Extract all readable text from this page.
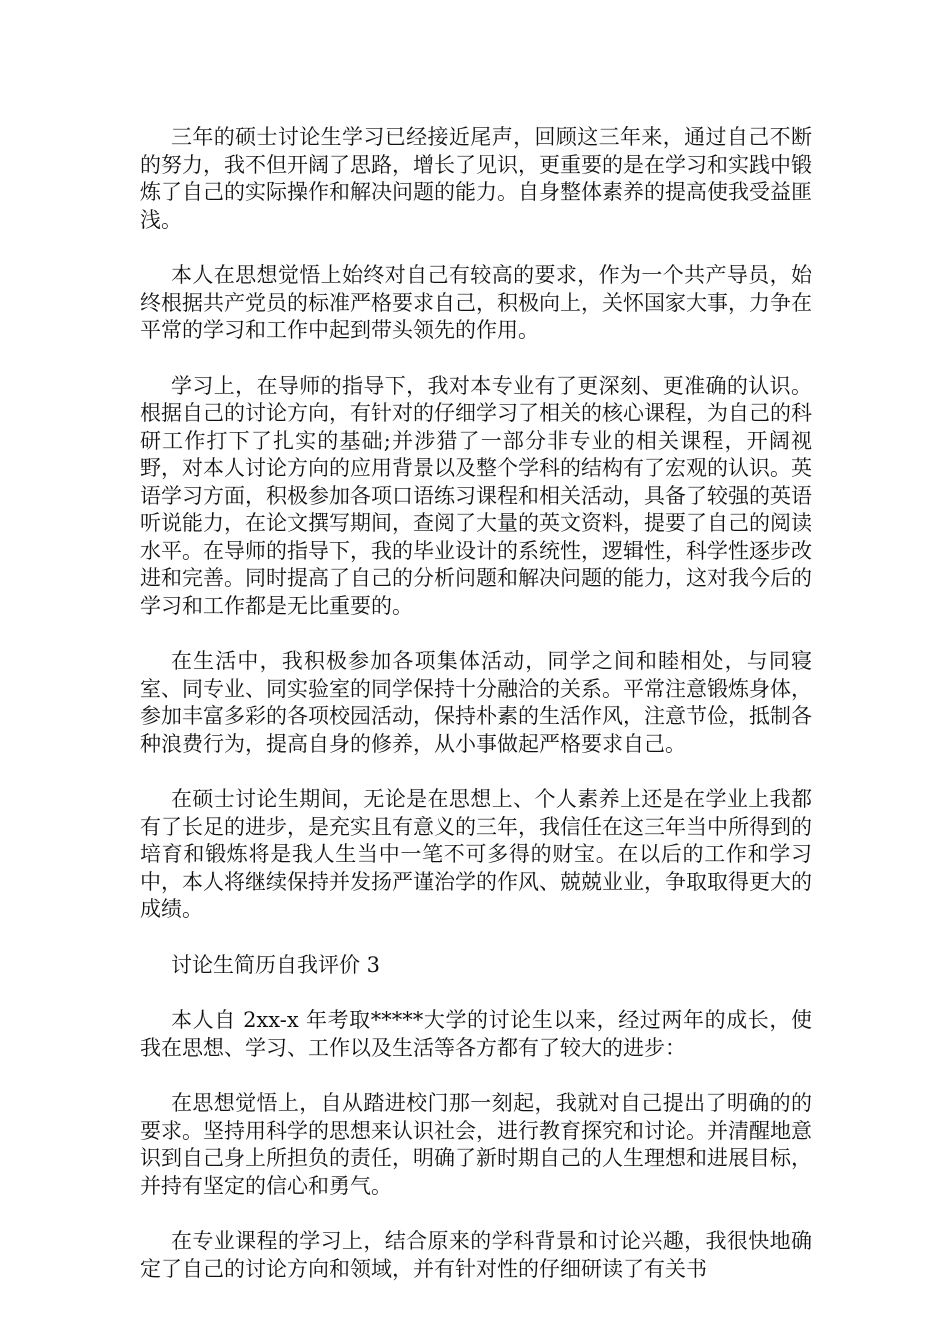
三年的硕士讨论生学习已经接近尾声，回顾这三年来，通过自己不断的努力，我不但开阔了思路，增长了见识，更重要的是在学习和实践中锻炼了自己的实际操作和解决问题的能力。自身整体素养的提高使我受益匪浅。

本人在思想觉悟上始终对自己有较高的要求，作为一个共产导员，始终根据共产党员的标准严格要求自己，积极向上，关怀国家大事，力争在平常的学习和工作中起到带头领先的作用。

学习上，在导师的指导下，我对本专业有了更深刻、更准确的认识。根据自己的讨论方向，有针对的仔细学习了相关的核心课程，为自己的科研工作打下了扎实的基础;并涉猎了一部分非专业的相关课程，开阔视野，对本人讨论方向的应用背景以及整个学科的结构有了宏观的认识。英语学习方面，积极参加各项口语练习课程和相关活动，具备了较强的英语听说能力，在论文撰写期间，查阅了大量的英文资料，提要了自己的阅读水平。在导师的指导下，我的毕业设计的系统性，逻辑性，科学性逐步改进和完善。同时提高了自己的分析问题和解决问题的能力，这对我今后的学习和工作都是无比重要的。

在生活中，我积极参加各项集体活动，同学之间和睦相处，与同寝室、同专业、同实验室的同学保持十分融洽的关系。平常注意锻炼身体，参加丰富多彩的各项校园活动，保持朴素的生活作风，注意节俭，抵制各种浪费行为，提高自身的修养，从小事做起严格要求自己。

在硕士讨论生期间，无论是在思想上、个人素养上还是在学业上我都有了长足的进步，是充实且有意义的三年，我信任在这三年当中所得到的培育和锻炼将是我人生当中一笔不可多得的财宝。在以后的工作和学习中，本人将继续保持并发扬严谨治学的作风、兢兢业业，争取取得更大的成绩。

讨论生简历自我评价 3

本人自 2xx-x 年考取*****大学的讨论生以来，经过两年的成长，使我在思想、学习、工作以及生活等各方都有了较大的进步：

在思想觉悟上，自从踏进校门那一刻起，我就对自己提出了明确的的要求。坚持用科学的思想来认识社会，进行教育探究和讨论。并清醒地意识到自己身上所担负的责任，明确了新时期自己的人生理想和进展目标，并持有坚定的信心和勇气。

在专业课程的学习上，结合原来的学科背景和讨论兴趣，我很快地确定了自己的讨论方向和领域，并有针对性的仔细研读了有关书
